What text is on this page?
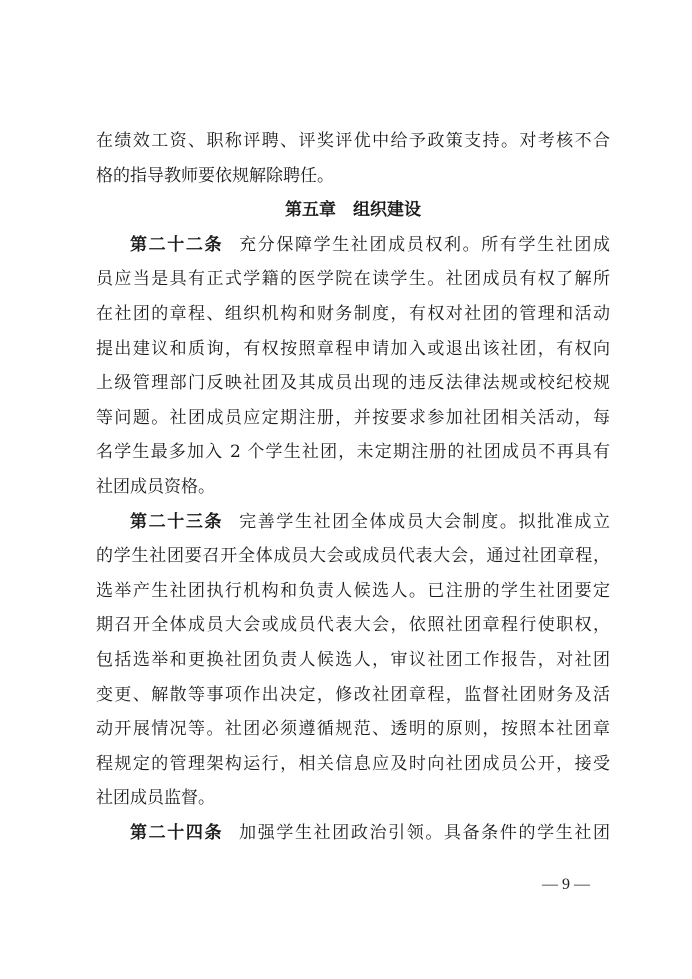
在绩效工资、职称评聘、评奖评优中给予政策支持。对考核不合
格的指导教师要依规解除聘任。
第五章　组织建设
第二十二条 充分保障学生社团成员权利。所有学生社团成
员应当是具有正式学籍的医学院在读学生。社团成员有权了解所
在社团的章程、组织机构和财务制度，有权对社团的管理和活动
提出建议和质询，有权按照章程申请加入或退出该社团，有权向
上级管理部门反映社团及其成员出现的违反法律法规或校纪校规
等问题。社团成员应定期注册，并按要求参加社团相关活动，每
名学生最多加入 2 个学生社团，未定期注册的社团成员不再具有
社团成员资格。
第二十三条 完善学生社团全体成员大会制度。拟批准成立
的学生社团要召开全体成员大会或成员代表大会，通过社团章程，
选举产生社团执行机构和负责人候选人。已注册的学生社团要定
期召开全体成员大会或成员代表大会，依照社团章程行使职权，
包括选举和更换社团负责人候选人，审议社团工作报告，对社团
变更、解散等事项作出决定，修改社团章程，监督社团财务及活
动开展情况等。社团必须遵循规范、透明的原则，按照本社团章
程规定的管理架构运行，相关信息应及时向社团成员公开，接受
社团成员监督。
第二十四条 加强学生社团政治引领。具备条件的学生社团
— 9 —
